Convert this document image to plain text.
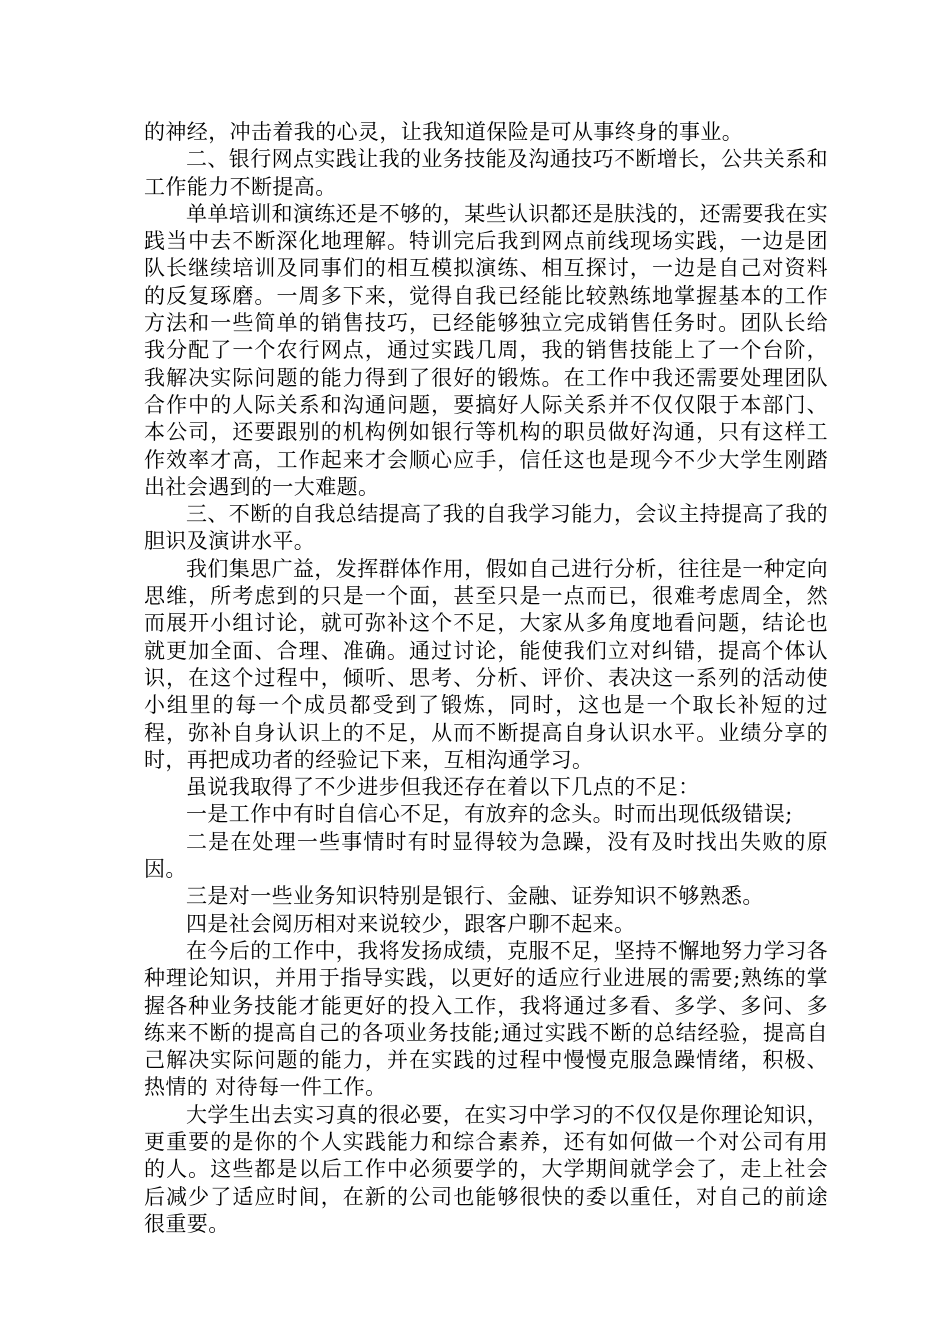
的神经，冲击着我的心灵，让我知道保险是可从事终身的事业。

二、银行网点实践让我的业务技能及沟通技巧不断增长，公共关系和工作能力不断提高。

单单培训和演练还是不够的，某些认识都还是肤浅的，还需要我在实践当中去不断深化地理解。特训完后我到网点前线现场实践，一边是团队长继续培训及同事们的相互模拟演练、相互探讨，一边是自己对资料的反复琢磨。一周多下来，觉得自我已经能比较熟练地掌握基本的工作方法和一些简单的销售技巧，已经能够独立完成销售任务时。团队长给我分配了一个农行网点，通过实践几周，我的销售技能上了一个台阶，我解决实际问题的能力得到了很好的锻炼。在工作中我还需要处理团队合作中的人际关系和沟通问题，要搞好人际关系并不仅仅限于本部门、本公司，还要跟别的机构例如银行等机构的职员做好沟通，只有这样工作效率才高，工作起来才会顺心应手，信任这也是现今不少大学生刚踏出社会遇到的一大难题。

三、不断的自我总结提高了我的自我学习能力，会议主持提高了我的胆识及演讲水平。

我们集思广益，发挥群体作用，假如自己进行分析，往往是一种定向思维，所考虑到的只是一个面，甚至只是一点而已，很难考虑周全，然而展开小组讨论，就可弥补这个不足，大家从多角度地看问题，结论也就更加全面、合理、准确。通过讨论，能使我们立对纠错，提高个体认识，在这个过程中，倾听、思考、分析、评价、表决这一系列的活动使小组里的每一个成员都受到了锻炼，同时，这也是一个取长补短的过程，弥补自身认识上的不足，从而不断提高自身认识水平。业绩分享的时，再把成功者的经验记下来，互相沟通学习。

虽说我取得了不少进步但我还存在着以下几点的不足：

一是工作中有时自信心不足，有放弃的念头。时而出现低级错误;

二是在处理一些事情时有时显得较为急躁，没有及时找出失败的原因。

三是对一些业务知识特别是银行、金融、证券知识不够熟悉。

四是社会阅历相对来说较少，跟客户聊不起来。

在今后的工作中，我将发扬成绩，克服不足，坚持不懈地努力学习各种理论知识，并用于指导实践，以更好的适应行业进展的需要;熟练的掌握各种业务技能才能更好的投入工作，我将通过多看、多学、多问、多练来不断的提高自己的各项业务技能;通过实践不断的总结经验，提高自己解决实际问题的能力，并在实践的过程中慢慢克服急躁情绪，积极、热情的 对待每一件工作。

大学生出去实习真的很必要，在实习中学习的不仅仅是你理论知识，更重要的是你的个人实践能力和综合素养，还有如何做一个对公司有用的人。这些都是以后工作中必须要学的，大学期间就学会了，走上社会后减少了适应时间，在新的公司也能够很快的委以重任，对自己的前途很重要。
